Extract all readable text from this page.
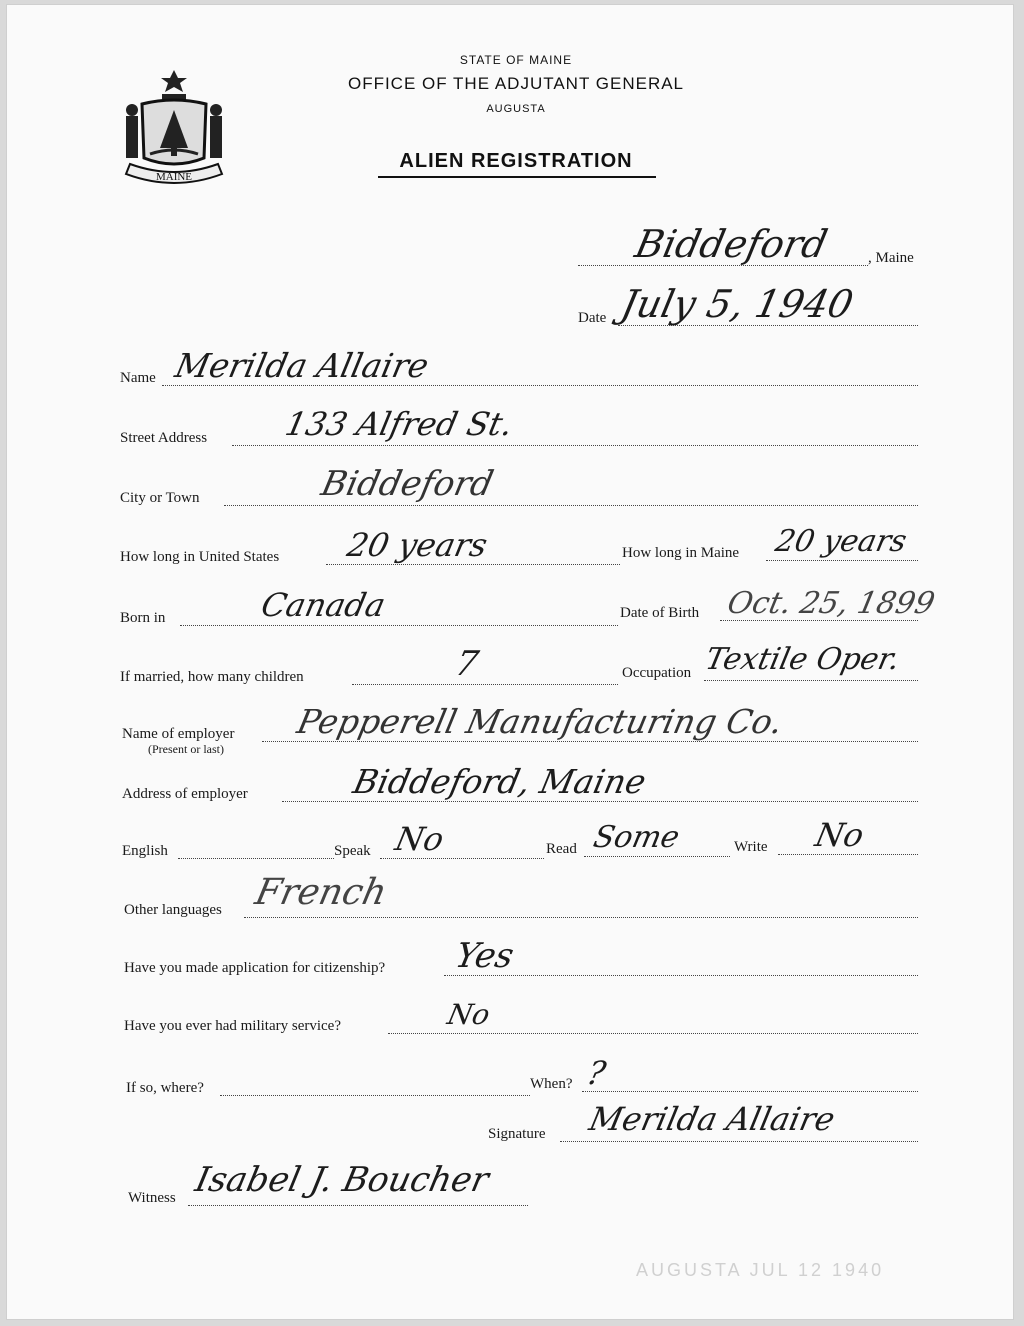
STATE OF MAINE
OFFICE OF THE ADJUTANT GENERAL
AUGUSTA
ALIEN REGISTRATION
MAINE
Biddeford , Maine
Date July 5, 1940
Name Merilda Allaire
Street Address 133 Alfred St.
City or Town	Biddeford
How long in United States 20 years	How long in Maine 20 years
Born in	Canada	Date of Birth Oct. 25, 1899
If married, how many children	7	Occupation Textile Oper.
Name of employer
(Present or last)
Pepperell Manufacturing Co.
Address of employer	Biddeford, Maine
English	Speak No	Read Some	Write No
Other languages French
Have you made application for citizenship? Yes
Have you ever had military service?	No
If so, where?	When? ?
Signature Merilda Allaire
Witness Isabel J. Boucher
AUGUSTA JUL 12 1940
